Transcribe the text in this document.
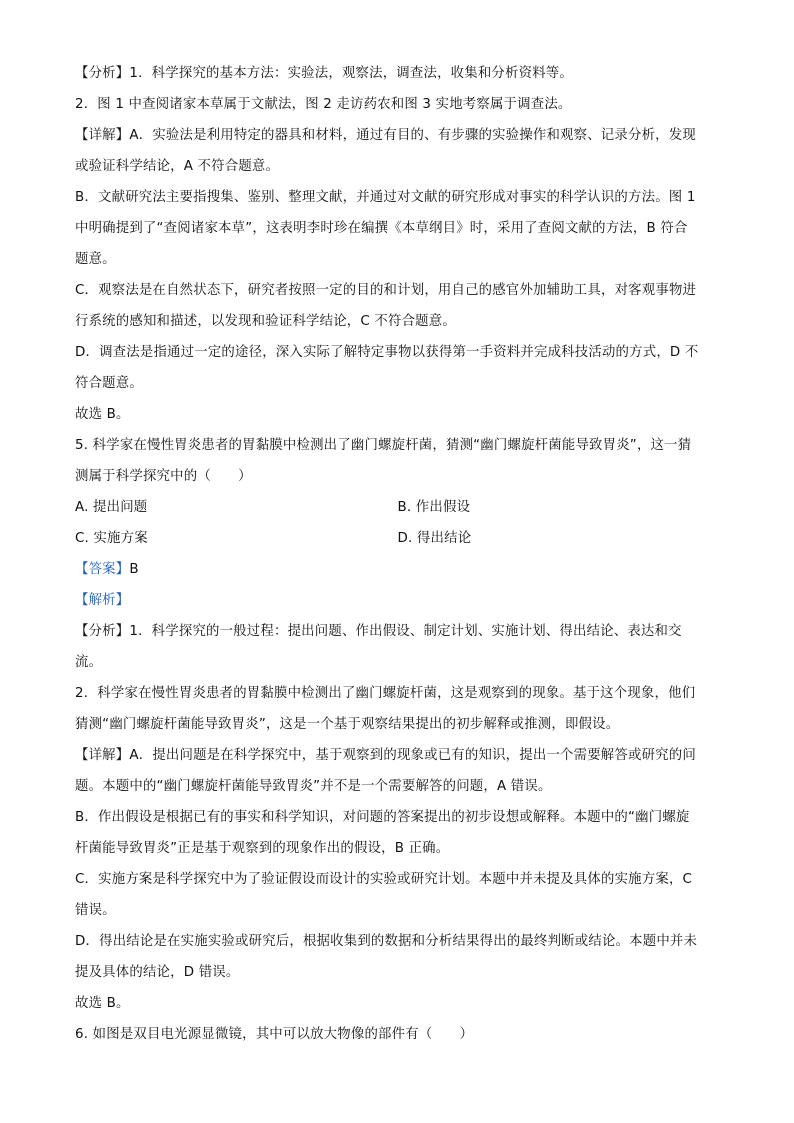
【分析】1．科学探究的基本方法：实验法，观察法，调查法，收集和分析资料等。
2．图 1 中查阅诸家本草属于文献法，图 2 走访药农和图 3 实地考察属于调查法。
【详解】A．实验法是利用特定的器具和材料，通过有目的、有步骤的实验操作和观察、记录分析，发现
或验证科学结论，A 不符合题意。
B．文献研究法主要指搜集、鉴别、整理文献，并通过对文献的研究形成对事实的科学认识的方法。图 1
中明确提到了“查阅诸家本草”，这表明李时珍在编撰《本草纲目》时，采用了查阅文献的方法，B 符合
题意。
C．观察法是在自然状态下，研究者按照一定的目的和计划，用自己的感官外加辅助工具，对客观事物进
行系统的感知和描述，以发现和验证科学结论，C 不符合题意。
D．调查法是指通过一定的途径，深入实际了解特定事物以获得第一手资料并完成科技活动的方式，D 不
符合题意。
故选 B。
5. 科学家在慢性胃炎患者的胃黏膜中检测出了幽门螺旋杆菌，猜测“幽门螺旋杆菌能导致胃炎”，这一猜
测属于科学探究中的（　　）
A. 提出问题	B. 作出假设
C. 实施方案	D. 得出结论
【答案】B
【解析】
【分析】1．科学探究的一般过程：提出问题、作出假设、制定计划、实施计划、得出结论、表达和交
流。
2．科学家在慢性胃炎患者的胃黏膜中检测出了幽门螺旋杆菌，这是观察到的现象。基于这个现象，他们
猜测“幽门螺旋杆菌能导致胃炎”，这是一个基于观察结果提出的初步解释或推测，即假设。
【详解】A．提出问题是在科学探究中，基于观察到的现象或已有的知识，提出一个需要解答或研究的问
题。本题中的“幽门螺旋杆菌能导致胃炎”并不是一个需要解答的问题，A 错误。
B．作出假设是根据已有的事实和科学知识，对问题的答案提出的初步设想或解释。本题中的“幽门螺旋
杆菌能导致胃炎”正是基于观察到的现象作出的假设，B 正确。
C．实施方案是科学探究中为了验证假设而设计的实验或研究计划。本题中并未提及具体的实施方案，C
错误。
D．得出结论是在实施实验或研究后，根据收集到的数据和分析结果得出的最终判断或结论。本题中并未
提及具体的结论，D 错误。
故选 B。
6. 如图是双目电光源显微镜，其中可以放大物像的部件有（　　）
